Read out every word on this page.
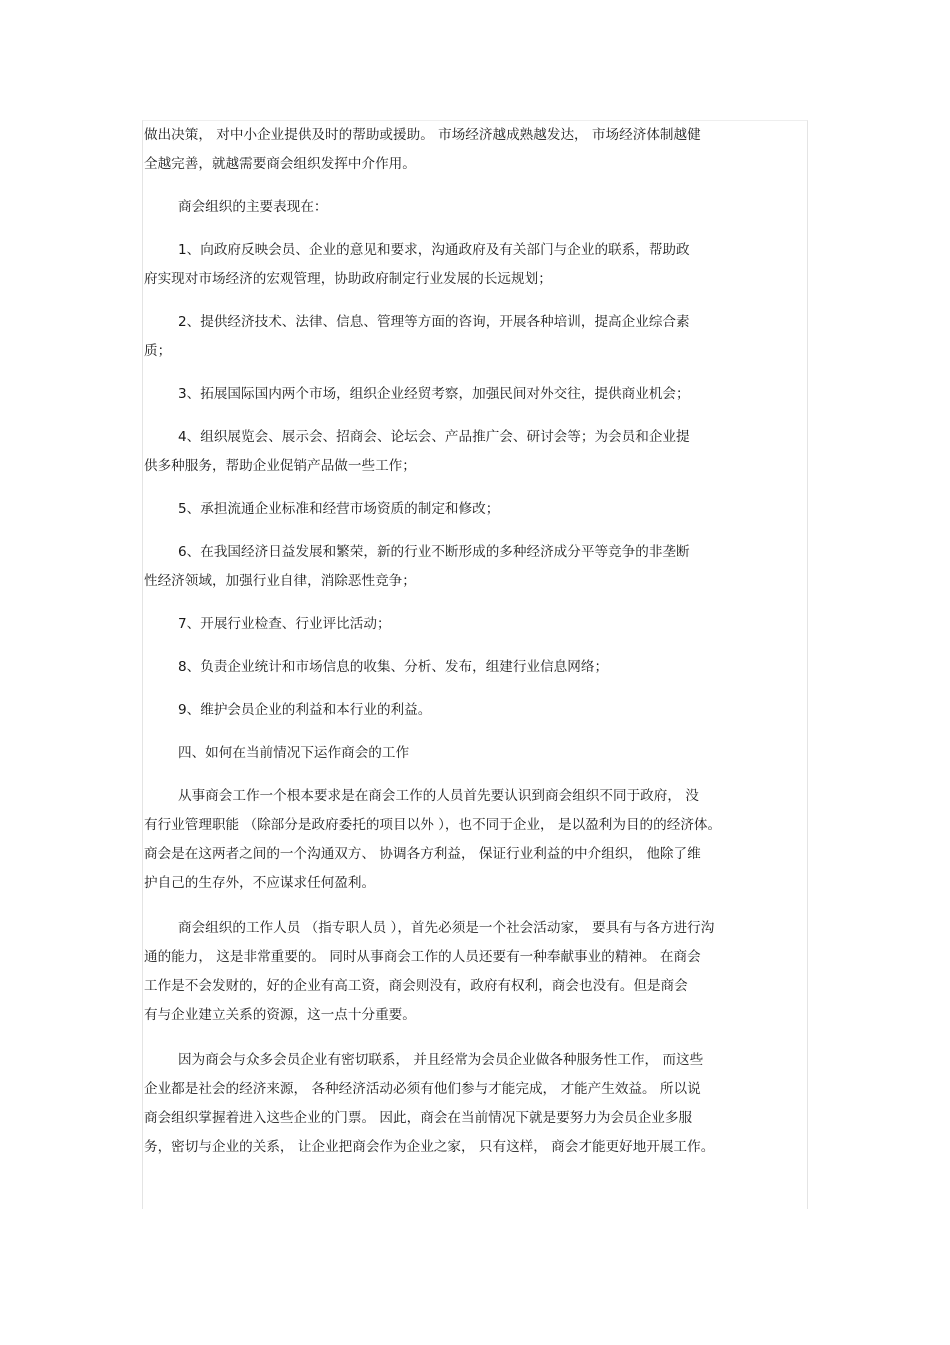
做出决策， 对中小企业提供及时的帮助或援助。 市场经济越成熟越发达， 市场经济体制越健
全越完善，就越需要商会组织发挥中介作用。
商会组织的主要表现在：
1、向政府反映会员、企业的意见和要求，沟通政府及有关部门与企业的联系，帮助政
府实现对市场经济的宏观管理，协助政府制定行业发展的长远规划；
2、提供经济技术、法律、信息、管理等方面的咨询，开展各种培训，提高企业综合素
质；
3、拓展国际国内两个市场，组织企业经贸考察，加强民间对外交往，提供商业机会；
4、组织展览会、展示会、招商会、论坛会、产品推广会、研讨会等；为会员和企业提
供多种服务，帮助企业促销产品做一些工作；
5、承担流通企业标准和经营市场资质的制定和修改；
6、在我国经济日益发展和繁荣，新的行业不断形成的多种经济成分平等竞争的非垄断
性经济领域，加强行业自律，消除恶性竞争；
7、开展行业检查、行业评比活动；
8、负责企业统计和市场信息的收集、分析、发布，组建行业信息网络；
9、维护会员企业的利益和本行业的利益。
四、如何在当前情况下运作商会的工作
从事商会工作一个根本要求是在商会工作的人员首先要认识到商会组织不同于政府， 没
有行业管理职能 （除部分是政府委托的项目以外 ），也不同于企业， 是以盈利为目的的经济体。
商会是在这两者之间的一个沟通双方、 协调各方利益， 保证行业利益的中介组织， 他除了维
护自己的生存外，不应谋求任何盈利。
商会组织的工作人员 （指专职人员 ），首先必须是一个社会活动家， 要具有与各方进行沟
通的能力， 这是非常重要的。 同时从事商会工作的人员还要有一种奉献事业的精神。 在商会
工作是不会发财的，好的企业有高工资，商会则没有，政府有权利，商会也没有。但是商会
有与企业建立关系的资源，这一点十分重要。
因为商会与众多会员企业有密切联系， 并且经常为会员企业做各种服务性工作， 而这些
企业都是社会的经济来源， 各种经济活动必须有他们参与才能完成， 才能产生效益。 所以说
商会组织掌握着进入这些企业的门票。 因此，商会在当前情况下就是要努力为会员企业多服
务，密切与企业的关系， 让企业把商会作为企业之家， 只有这样， 商会才能更好地开展工作。
